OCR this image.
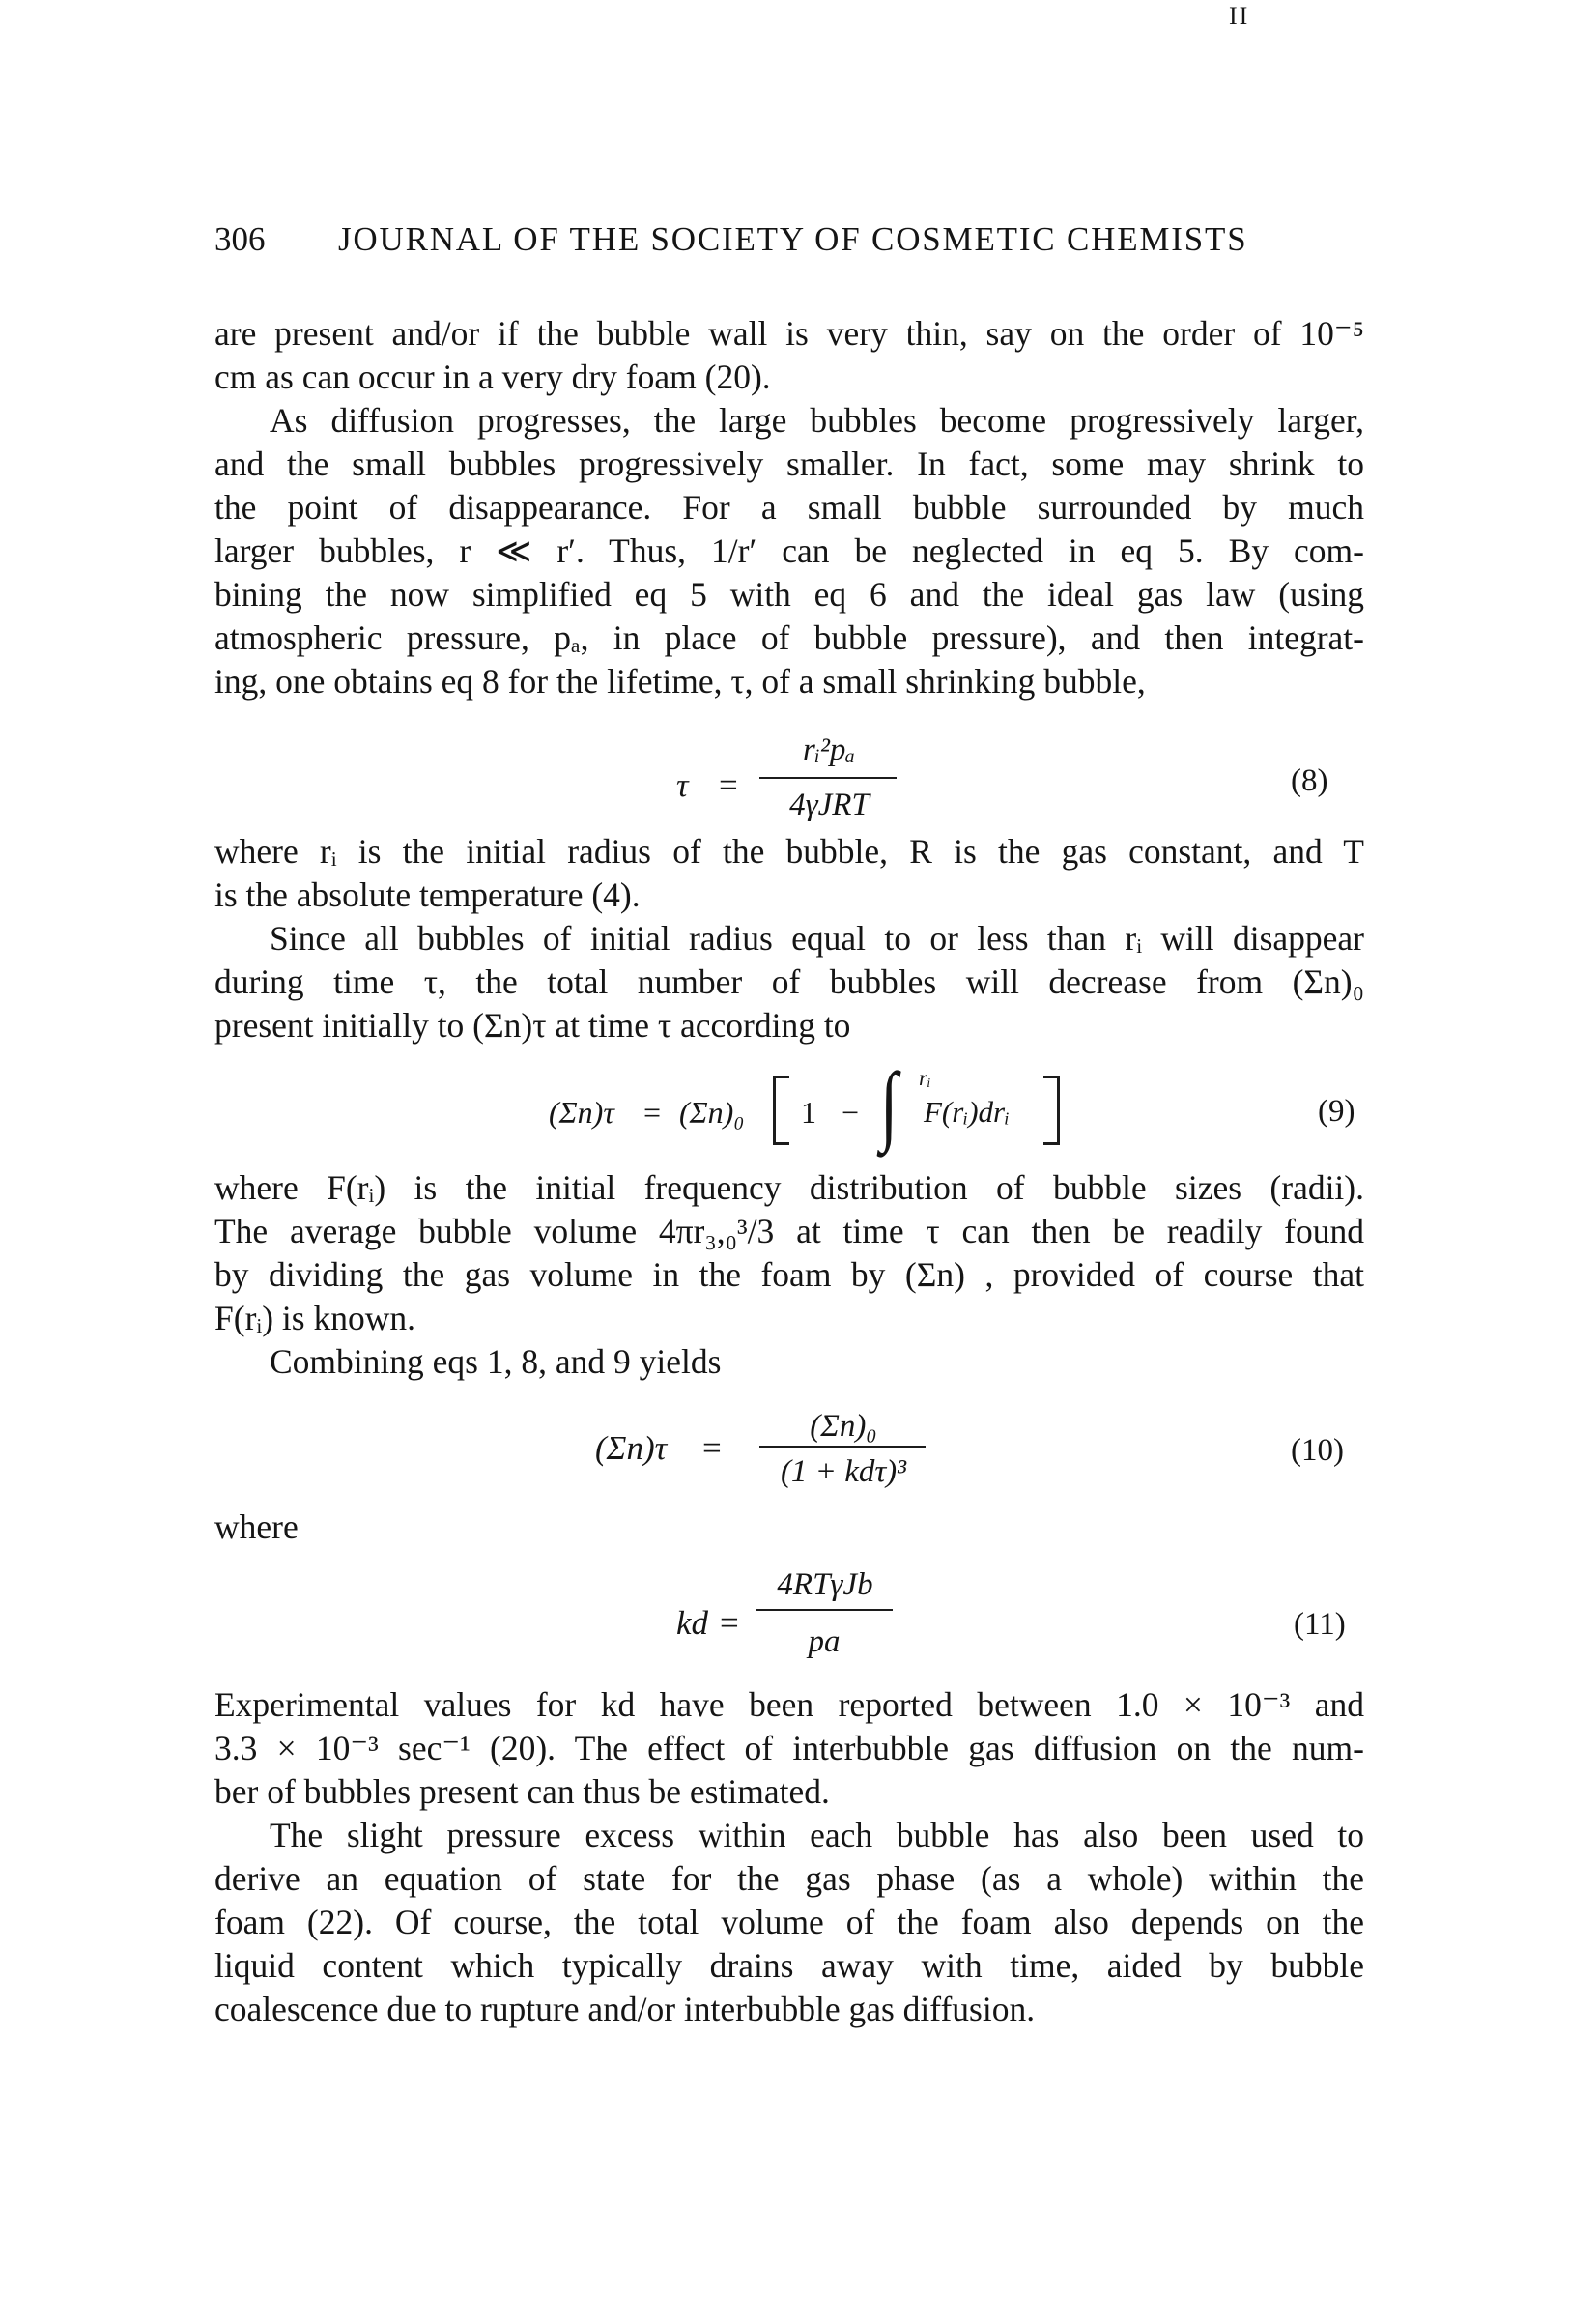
II
306 JOURNAL OF THE SOCIETY OF COSMETIC CHEMISTS
are present and/or if the bubble wall is very thin, say on the order of 10⁻⁵
cm as can occur in a very dry foam (20).
As diffusion progresses, the large bubbles become progressively larger,
and the small bubbles progressively smaller. In fact, some may shrink to
the point of disappearance. For a small bubble surrounded by much
larger bubbles, r ≪ r′. Thus, 1/r′ can be neglected in eq 5. By com-
bining the now simplified eq 5 with eq 6 and the ideal gas law (using
atmospheric pressure, pₐ, in place of bubble pressure), and then integrat-
ing, one obtains eq 8 for the lifetime, τ, of a small shrinking bubble,
τ =
rᵢ²pₐ
4γJRT
(8)
where rᵢ is the initial radius of the bubble, R is the gas constant, and T
is the absolute temperature (4).
Since all bubbles of initial radius equal to or less than rᵢ will disappear
during time τ, the total number of bubbles will decrease from (Σn)₀
present initially to (Σn)τ at time τ according to
(Σn)τ = (Σn)₀ 1 − ∫ rᵢ
F(rᵢ)drᵢ	(9)
where F(rᵢ) is the initial frequency distribution of bubble sizes (radii).
The average bubble volume 4πr₃,₀³/3 at time τ can then be readily found
by dividing the gas volume in the foam by (Σn) , provided of course that
F(rᵢ) is known.
Combining eqs 1, 8, and 9 yields
(Σn)τ =
(Σn)₀
(1 + kdτ)³
(10)
where
kd =
4RTγJb
pa	(11)
Experimental values for kd have been reported between 1.0 × 10⁻³ and
3.3 × 10⁻³ sec⁻¹ (20). The effect of interbubble gas diffusion on the num-
ber of bubbles present can thus be estimated.
The slight pressure excess within each bubble has also been used to
derive an equation of state for the gas phase (as a whole) within the
foam (22). Of course, the total volume of the foam also depends on the
liquid content which typically drains away with time, aided by bubble
coalescence due to rupture and/or interbubble gas diffusion.
